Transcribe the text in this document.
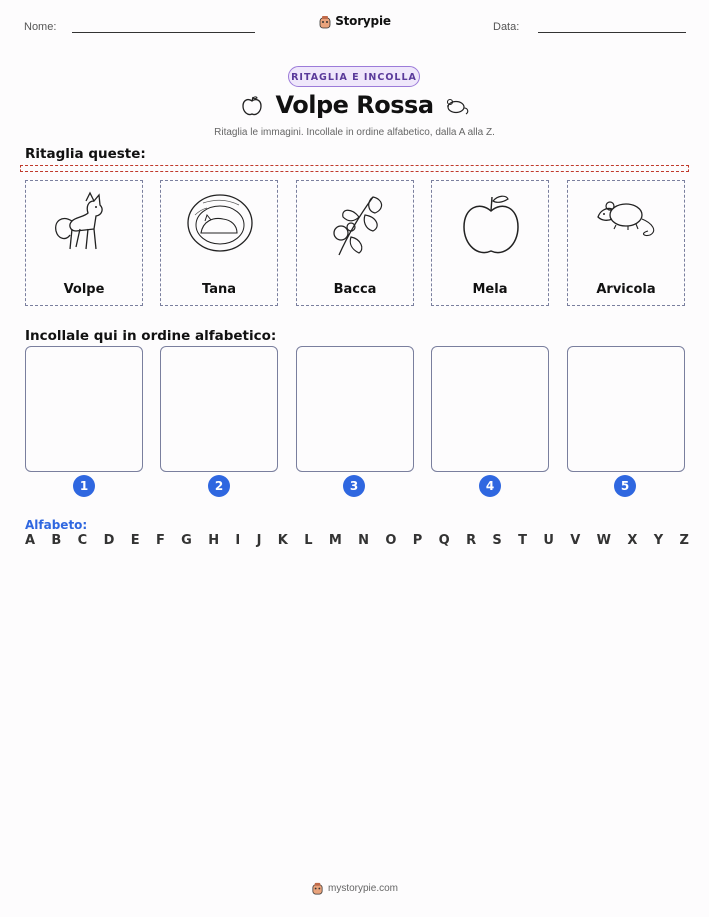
Nome:	Storypie	Data:
RITAGLIA E INCOLLA
Volpe Rossa
Ritaglia le immagini. Incollale in ordine alfabetico, dalla A alla Z.
Ritaglia queste:
Volpe	Tana	Bacca	Mela	Arvicola
Incollale qui in ordine alfabetico:
1	2	3	4	5
Alfabeto:
A B C D E F G H I J K L M N O P Q R S T U V W X Y Z
mystorypie.com
